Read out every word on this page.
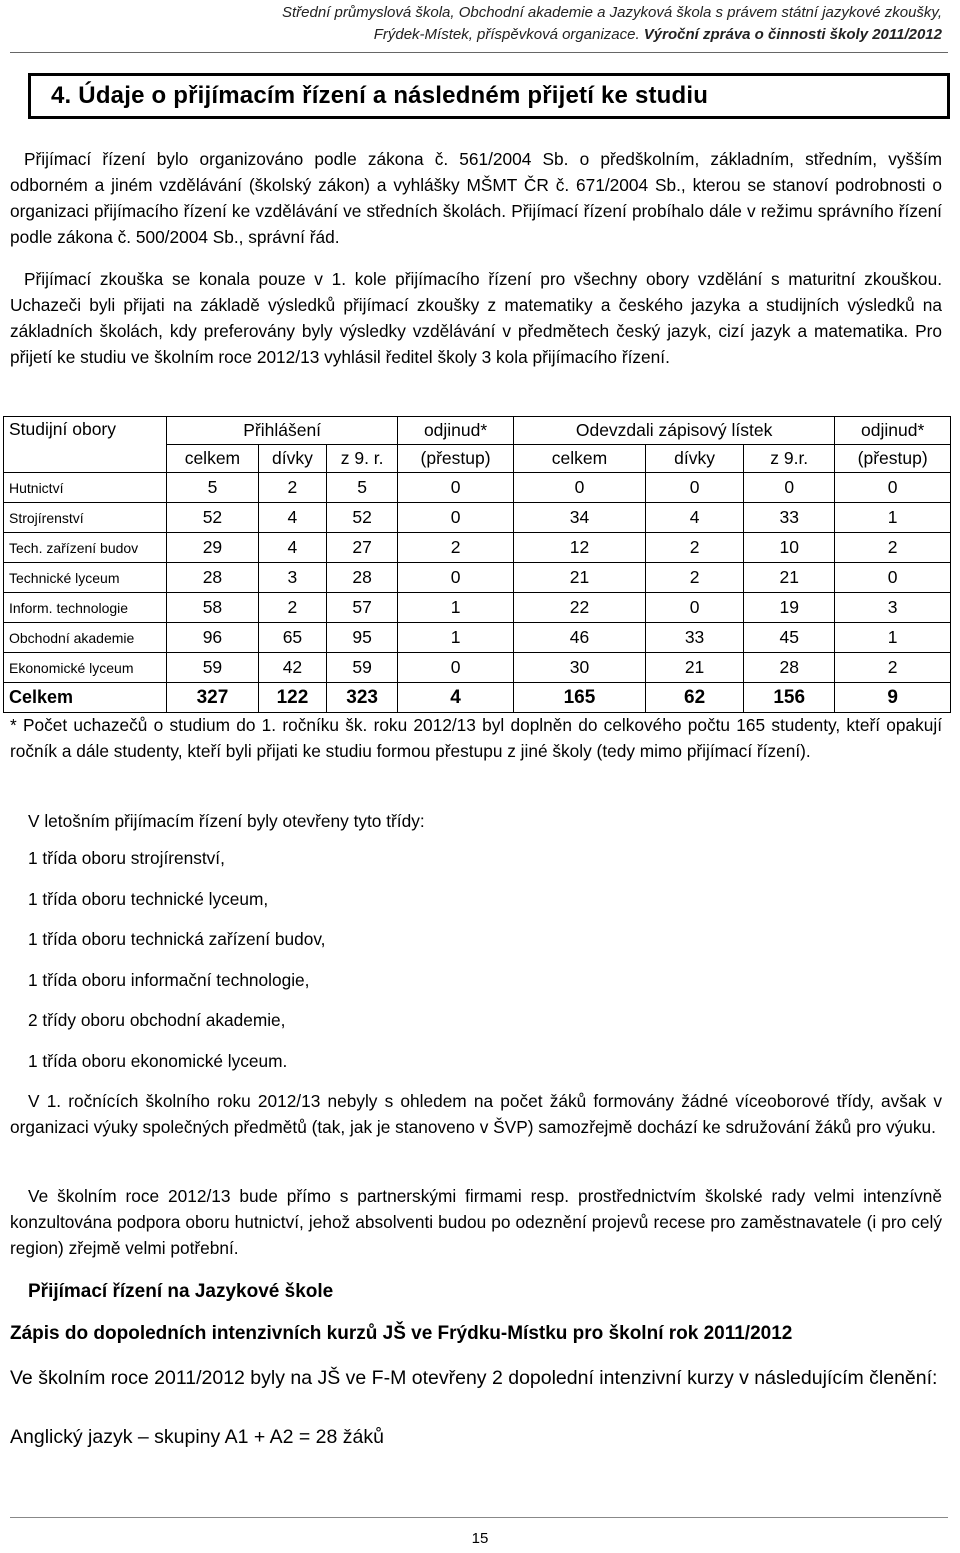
Střední průmyslová škola, Obchodní akademie a Jazyková škola s právem státní jazykové zkoušky,
Frýdek-Místek, příspěvková organizace. Výroční zpráva o činnosti školy 2011/2012
4. Údaje o přijímacím řízení a následném přijetí ke studiu

Přijímací řízení bylo organizováno podle zákona č. 561/2004 Sb. o předškolním, základním, středním, vyšším odborném a jiném vzdělávání (školský zákon) a vyhlášky MŠMT ČR č. 671/2004 Sb., kterou se stanoví podrobnosti o organizaci přijímacího řízení ke vzdělávání ve středních školách. Přijímací řízení probíhalo dále v režimu správního řízení podle zákona č. 500/2004 Sb., správní řád.

Přijímací zkouška se konala pouze v 1. kole přijímacího řízení pro všechny obory vzdělání s maturitní zkouškou. Uchazeči byli přijati na základě výsledků přijímací zkoušky z matematiky a českého jazyka a studijních výsledků na základních školách, kdy preferovány byly výsledky vzdělávání v předmětech český jazyk, cizí jazyk a matematika. Pro přijetí ke studiu ve školním roce 2012/13 vyhlásil ředitel školy 3 kola přijímacího řízení.

Studijní obory	Přihlášení			odjinud*	Odevzdali zápisový lístek			odjinud*
	celkem	dívky	z 9. r.	(přestup)	celkem	dívky	z 9.r.	(přestup)
Hutnictví	5	2	5	0	0	0	0	0
Strojírenství	52	4	52	0	34	4	33	1
Tech. zařízení budov	29	4	27	2	12	2	10	2
Technické lyceum	28	3	28	0	21	2	21	0
Inform. technologie	58	2	57	1	22	0	19	3
Obchodní akademie	96	65	95	1	46	33	45	1
Ekonomické lyceum	59	42	59	0	30	21	28	2
Celkem	327	122	323	4	165	62	156	9

* Počet uchazečů o studium do 1. ročníku šk. roku 2012/13 byl doplněn do celkového počtu 165 studenty, kteří opakují ročník a dále studenty, kteří byli přijati ke studiu formou přestupu z jiné školy (tedy mimo přijímací řízení).

V letošním přijímacím řízení byly otevřeny tyto třídy:

1 třída oboru strojírenství,
1 třída oboru technické lyceum,
1 třída oboru technická zařízení budov,
1 třída oboru informační technologie,
2 třídy oboru obchodní akademie,
1 třída oboru ekonomické lyceum.

V 1. ročnících školního roku 2012/13 nebyly s ohledem na počet žáků formovány žádné víceoborové třídy, avšak v organizaci výuky společných předmětů (tak, jak je stanoveno v ŠVP) samozřejmě dochází ke sdružování žáků pro výuku.

Ve školním roce 2012/13 bude přímo s partnerskými firmami resp. prostřednictvím školské rady velmi intenzívně konzultována podpora oboru hutnictví, jehož absolventi budou po odeznění projevů recese pro zaměstnavatele (i pro celý region) zřejmě velmi potřební.

Přijímací řízení na Jazykové škole
Zápis do dopoledních intenzivních kurzů JŠ ve Frýdku-Místku pro školní rok 2011/2012

Ve školním roce 2011/2012 byly na JŠ ve F-M otevřeny 2 dopolední intenzivní kurzy v následujícím členění:

Anglický jazyk – skupiny A1 + A2 = 28 žáků
15
